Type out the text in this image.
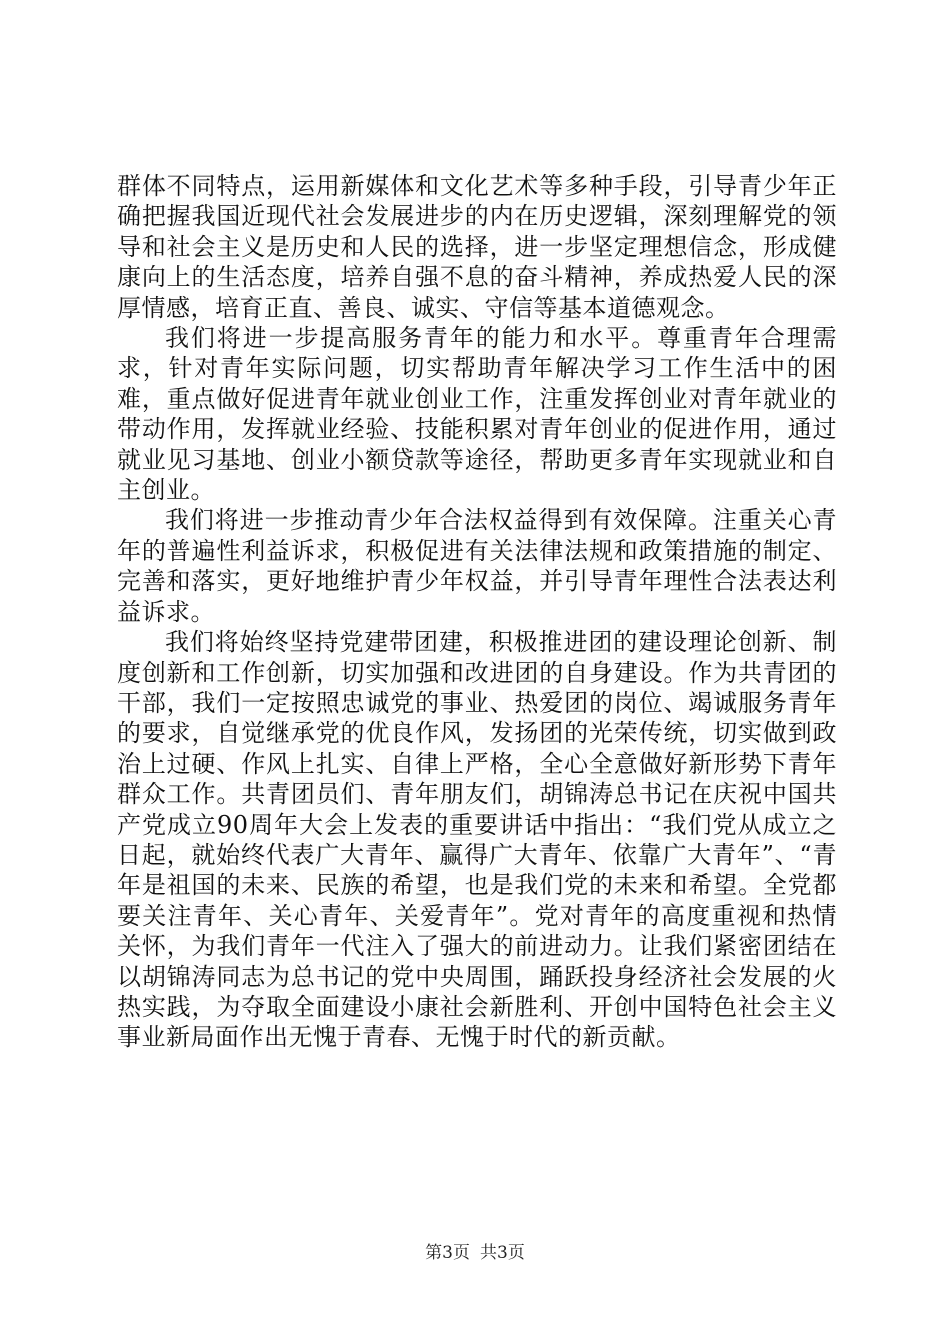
群体不同特点，运用新媒体和文化艺术等多种手段，引导青少年正确把握我国近现代社会发展进步的内在历史逻辑，深刻理解党的领导和社会主义是历史和人民的选择，进一步坚定理想信念，形成健康向上的生活态度，培养自强不息的奋斗精神，养成热爱人民的深厚情感，培育正直、善良、诚实、守信等基本道德观念。

我们将进一步提高服务青年的能力和水平。尊重青年合理需求，针对青年实际问题，切实帮助青年解决学习工作生活中的困难，重点做好促进青年就业创业工作，注重发挥创业对青年就业的带动作用，发挥就业经验、技能积累对青年创业的促进作用，通过就业见习基地、创业小额贷款等途径，帮助更多青年实现就业和自主创业。

我们将进一步推动青少年合法权益得到有效保障。注重关心青年的普遍性利益诉求，积极促进有关法律法规和政策措施的制定、完善和落实，更好地维护青少年权益，并引导青年理性合法表达利益诉求。

我们将始终坚持党建带团建，积极推进团的建设理论创新、制度创新和工作创新，切实加强和改进团的自身建设。作为共青团的干部，我们一定按照忠诚党的事业、热爱团的岗位、竭诚服务青年的要求，自觉继承党的优良作风，发扬团的光荣传统，切实做到政治上过硬、作风上扎实、自律上严格，全心全意做好新形势下青年群众工作。共青团员们、青年朋友们，胡锦涛总书记在庆祝中国共产党成立90周年大会上发表的重要讲话中指出：“我们党从成立之日起，就始终代表广大青年、赢得广大青年、依靠广大青年”、“青年是祖国的未来、民族的希望，也是我们党的未来和希望。全党都要关注青年、关心青年、关爱青年”。党对青年的高度重视和热情关怀，为我们青年一代注入了强大的前进动力。让我们紧密团结在以胡锦涛同志为总书记的党中央周围，踊跃投身经济社会发展的火热实践，为夺取全面建设小康社会新胜利、开创中国特色社会主义事业新局面作出无愧于青春、无愧于时代的新贡献。

第3页 共3页
